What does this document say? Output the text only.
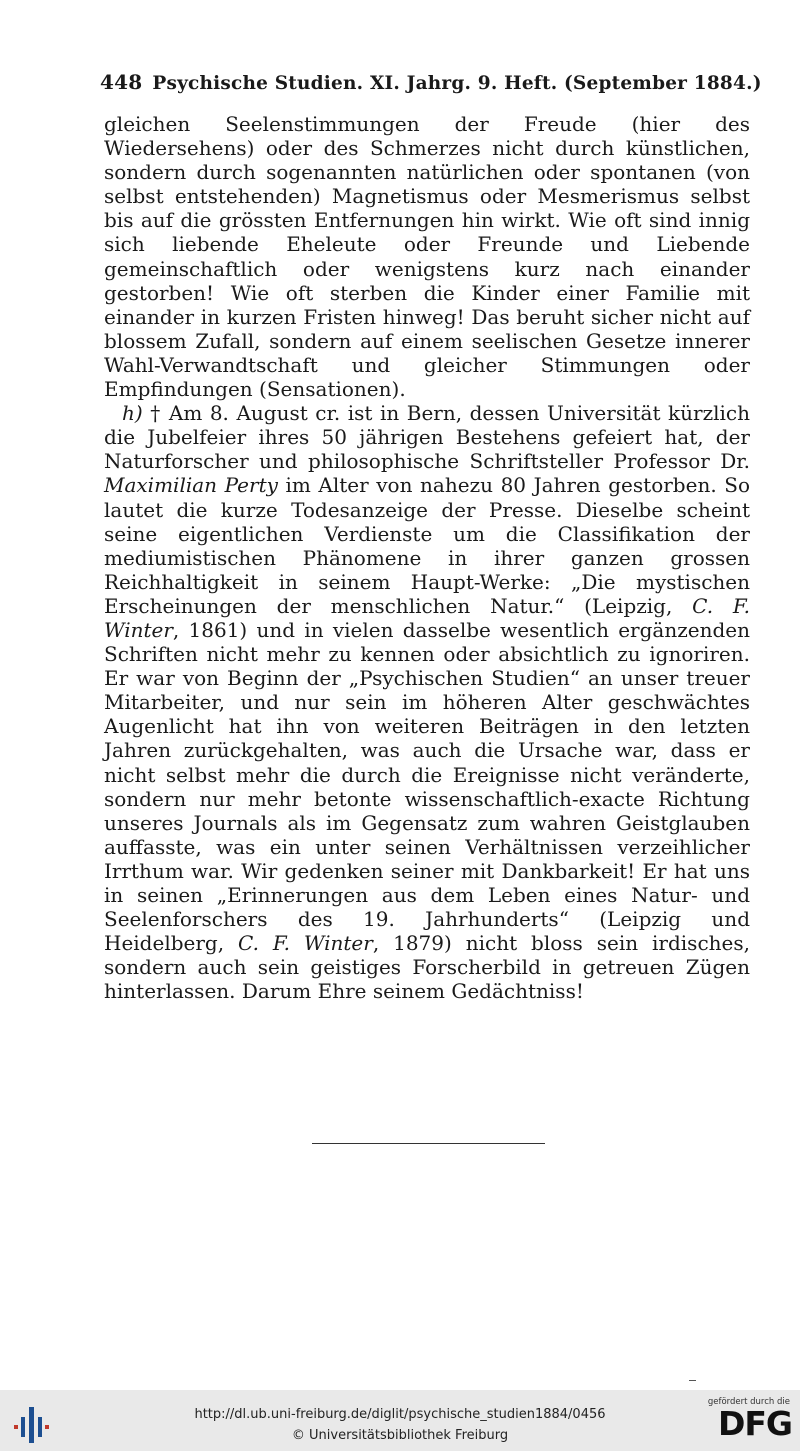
448 Psychische Studien. XI. Jahrg. 9. Heft. (September 1884.)

gleichen Seelenstimmungen der Freude (hier des Wiedersehens) oder des Schmerzes nicht durch künstlichen, sondern durch sogenannten natürlichen oder spontanen (von selbst entstehenden) Magnetismus oder Mesmerismus selbst bis auf die grössten Entfernungen hin wirkt. Wie oft sind innig sich liebende Eheleute oder Freunde und Liebende gemeinschaftlich oder wenigstens kurz nach einander gestorben! Wie oft sterben die Kinder einer Familie mit einander in kurzen Fristen hinweg! Das beruht sicher nicht auf blossem Zufall, sondern auf einem seelischen Gesetze innerer Wahl-Verwandtschaft und gleicher Stimmungen oder Empfindungen (Sensationen).

h) † Am 8. August cr. ist in Bern, dessen Universität kürzlich die Jubelfeier ihres 50 jährigen Bestehens gefeiert hat, der Naturforscher und philosophische Schriftsteller Professor Dr. Maximilian Perty im Alter von nahezu 80 Jahren gestorben. So lautet die kurze Todesanzeige der Presse. Dieselbe scheint seine eigentlichen Verdienste um die Classifikation der mediumistischen Phänomene in ihrer ganzen grossen Reichhaltigkeit in seinem Haupt-Werke: „Die mystischen Erscheinungen der menschlichen Natur.“ (Leipzig, C. F. Winter, 1861) und in vielen dasselbe wesentlich ergänzenden Schriften nicht mehr zu kennen oder absichtlich zu ignoriren. Er war von Beginn der „Psychischen Studien“ an unser treuer Mitarbeiter, und nur sein im höheren Alter geschwächtes Augenlicht hat ihn von weiteren Beiträgen in den letzten Jahren zurückgehalten, was auch die Ursache war, dass er nicht selbst mehr die durch die Ereignisse nicht veränderte, sondern nur mehr betonte wissenschaftlich-exacte Richtung unseres Journals als im Gegensatz zum wahren Geistglauben auffasste, was ein unter seinen Verhältnissen verzeihlicher Irrthum war. Wir gedenken seiner mit Dankbarkeit! Er hat uns in seinen „Erinnerungen aus dem Leben eines Natur- und Seelenforschers des 19. Jahrhunderts“ (Leipzig und Heidelberg, C. F. Winter, 1879) nicht bloss sein irdisches, sondern auch sein geistiges Forscherbild in getreuen Zügen hinterlassen. Darum Ehre seinem Gedächtniss!

http://dl.ub.uni-freiburg.de/diglit/psychische_studien1884/0456
© Universitätsbibliothek Freiburg
gefördert durch die
DFG
